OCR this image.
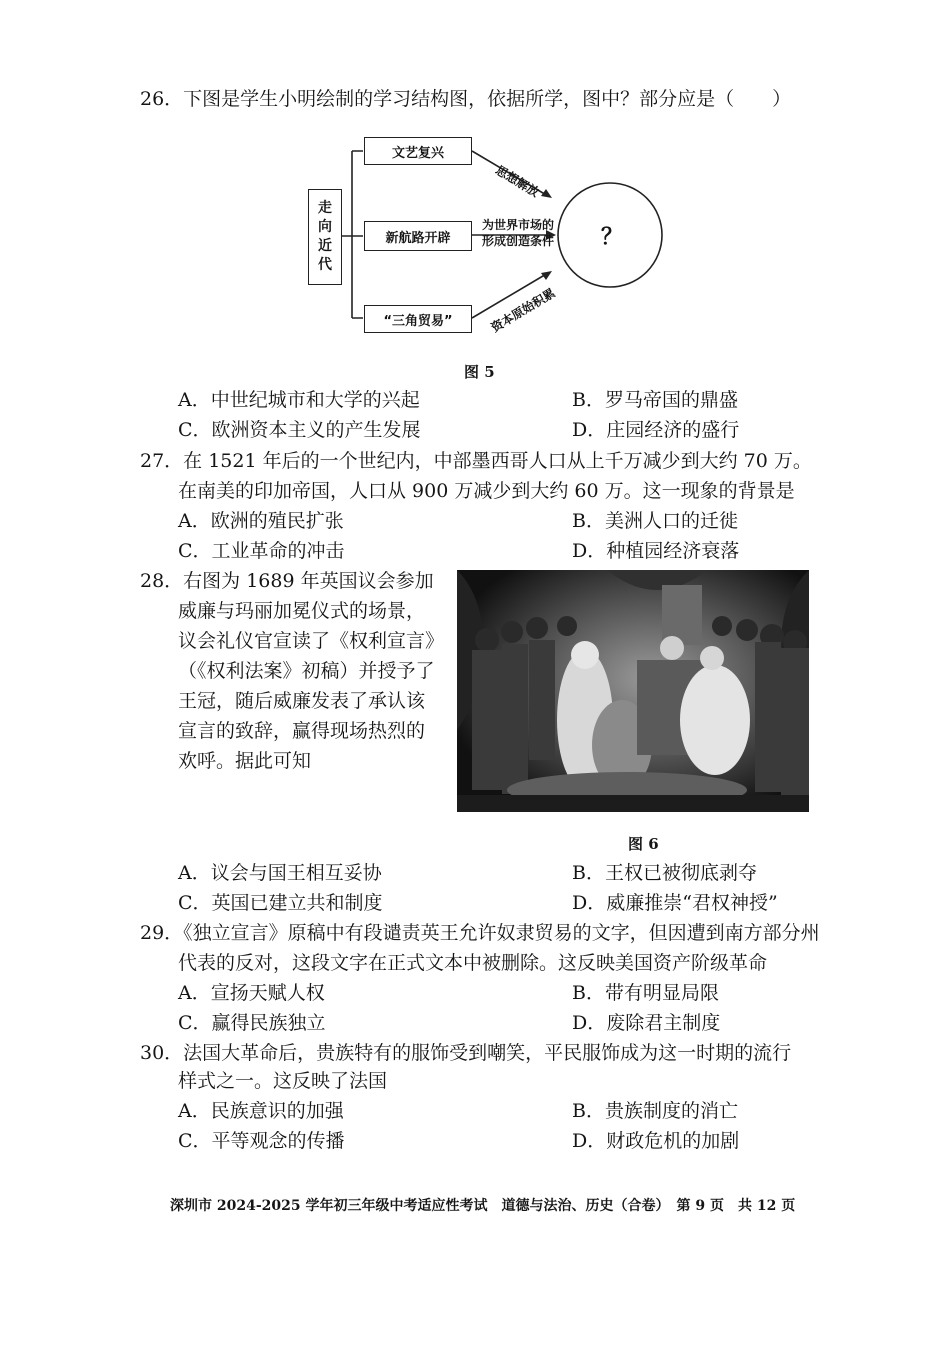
26．下图是学生小明绘制的学习结构图，依据所学，图中？部分应是（　　）
走
向
近
代
文艺复兴
新航路开辟
“三角贸易”
思想解放
为世界市场的
形成创造条件
资本原始积累
？
图 5
A．中世纪城市和大学的兴起	B．罗马帝国的鼎盛
C．欧洲资本主义的产生发展	D．庄园经济的盛行
27．在 1521 年后的一个世纪内，中部墨西哥人口从上千万减少到大约 70 万。
在南美的印加帝国，人口从 900 万减少到大约 60 万。这一现象的背景是
A．欧洲的殖民扩张	B．美洲人口的迁徙
C．工业革命的冲击	D．种植园经济衰落
28．右图为 1689 年英国议会参加
威廉与玛丽加冕仪式的场景，
议会礼仪官宣读了《权利宣言》
（《权利法案》初稿）并授予了
王冠，随后威廉发表了承认该
宣言的致辞，赢得现场热烈的
欢呼。据此可知
图 6
A．议会与国王相互妥协	B．王权已被彻底剥夺
C．英国已建立共和制度	D．威廉推崇“君权神授”
29．《独立宣言》原稿中有段谴责英王允许奴隶贸易的文字，但因遭到南方部分州
代表的反对，这段文字在正式文本中被删除。这反映美国资产阶级革命
A．宣扬天赋人权	B．带有明显局限
C．赢得民族独立	D．废除君主制度
30．法国大革命后，贵族特有的服饰受到嘲笑，平民服饰成为这一时期的流行
样式之一。这反映了法国
A．民族意识的加强	B．贵族制度的消亡
C．平等观念的传播	D．财政危机的加剧
深圳市 2024-2025 学年初三年级中考适应性考试　道德与法治、历史（合卷）　第 9 页　共 12 页
